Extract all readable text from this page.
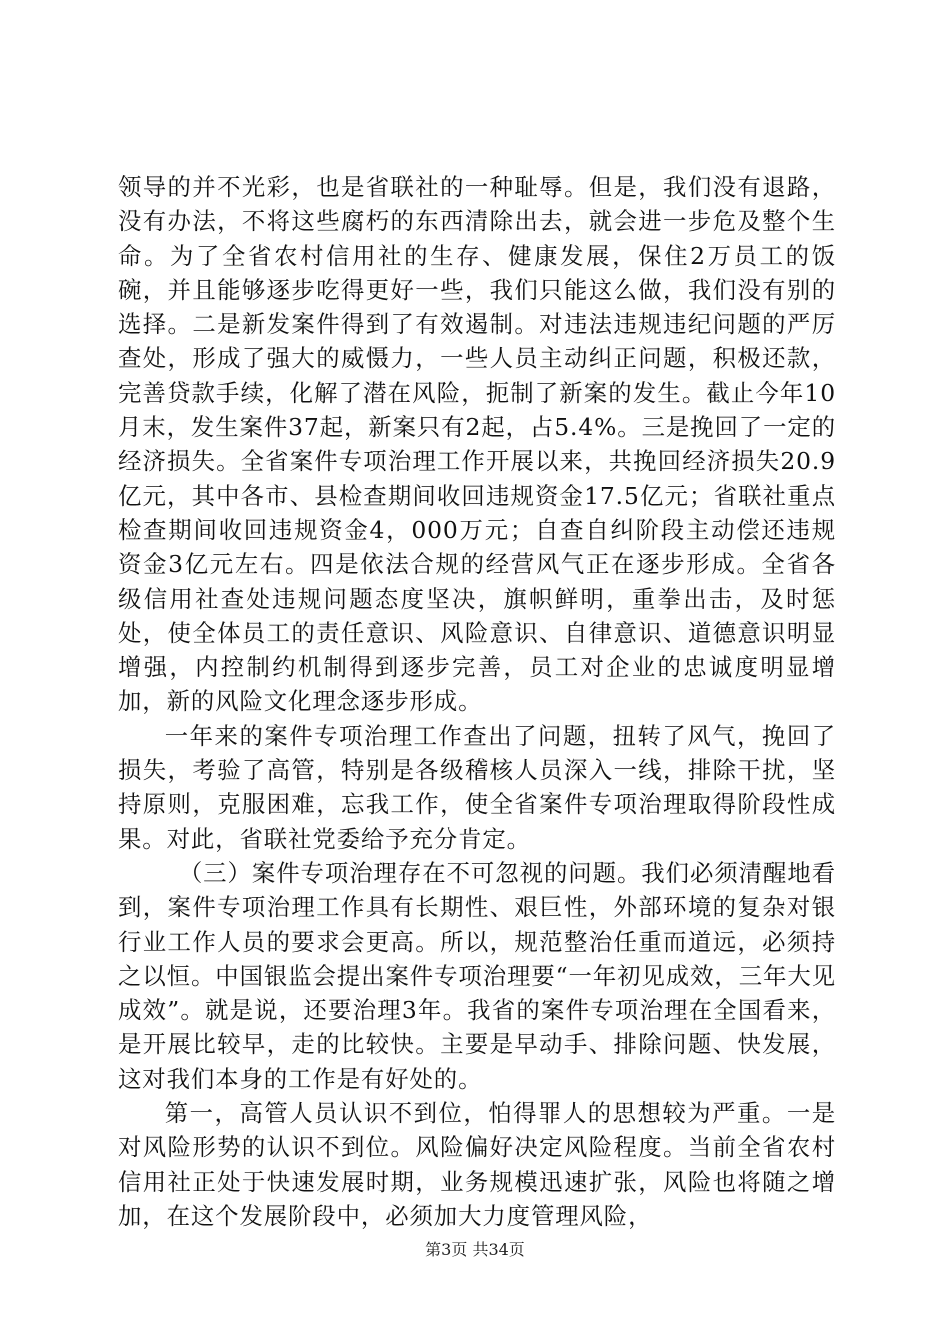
领导的并不光彩，也是省联社的一种耻辱。但是，我们没有退路，没有办法，不将这些腐朽的东西清除出去，就会进一步危及整个生命。为了全省农村信用社的生存、健康发展，保住2万员工的饭碗，并且能够逐步吃得更好一些，我们只能这么做，我们没有别的选择。二是新发案件得到了有效遏制。对违法违规违纪问题的严厉查处，形成了强大的威慑力，一些人员主动纠正问题，积极还款，完善贷款手续，化解了潜在风险，扼制了新案的发生。截止今年10月末，发生案件37起，新案只有2起，占5.4%。三是挽回了一定的经济损失。全省案件专项治理工作开展以来，共挽回经济损失20.9亿元，其中各市、县检查期间收回违规资金17.5亿元；省联社重点检查期间收回违规资金4，000万元；自查自纠阶段主动偿还违规资金3亿元左右。四是依法合规的经营风气正在逐步形成。全省各级信用社查处违规问题态度坚决，旗帜鲜明，重拳出击，及时惩处，使全体员工的责任意识、风险意识、自律意识、道德意识明显增强，内控制约机制得到逐步完善，员工对企业的忠诚度明显增加，新的风险文化理念逐步形成。

一年来的案件专项治理工作查出了问题，扭转了风气，挽回了损失，考验了高管，特别是各级稽核人员深入一线，排除干扰，坚持原则，克服困难，忘我工作，使全省案件专项治理取得阶段性成果。对此，省联社党委给予充分肯定。

（三）案件专项治理存在不可忽视的问题。我们必须清醒地看到，案件专项治理工作具有长期性、艰巨性，外部环境的复杂对银行业工作人员的要求会更高。所以，规范整治任重而道远，必须持之以恒。中国银监会提出案件专项治理要“一年初见成效，三年大见成效”。就是说，还要治理3年。我省的案件专项治理在全国看来，是开展比较早，走的比较快。主要是早动手、排除问题、快发展，这对我们本身的工作是有好处的。

第一，高管人员认识不到位，怕得罪人的思想较为严重。一是对风险形势的认识不到位。风险偏好决定风险程度。当前全省农村信用社正处于快速发展时期，业务规模迅速扩张，风险也将随之增加，在这个发展阶段中，必须加大力度管理风险，

第3页 共34页
